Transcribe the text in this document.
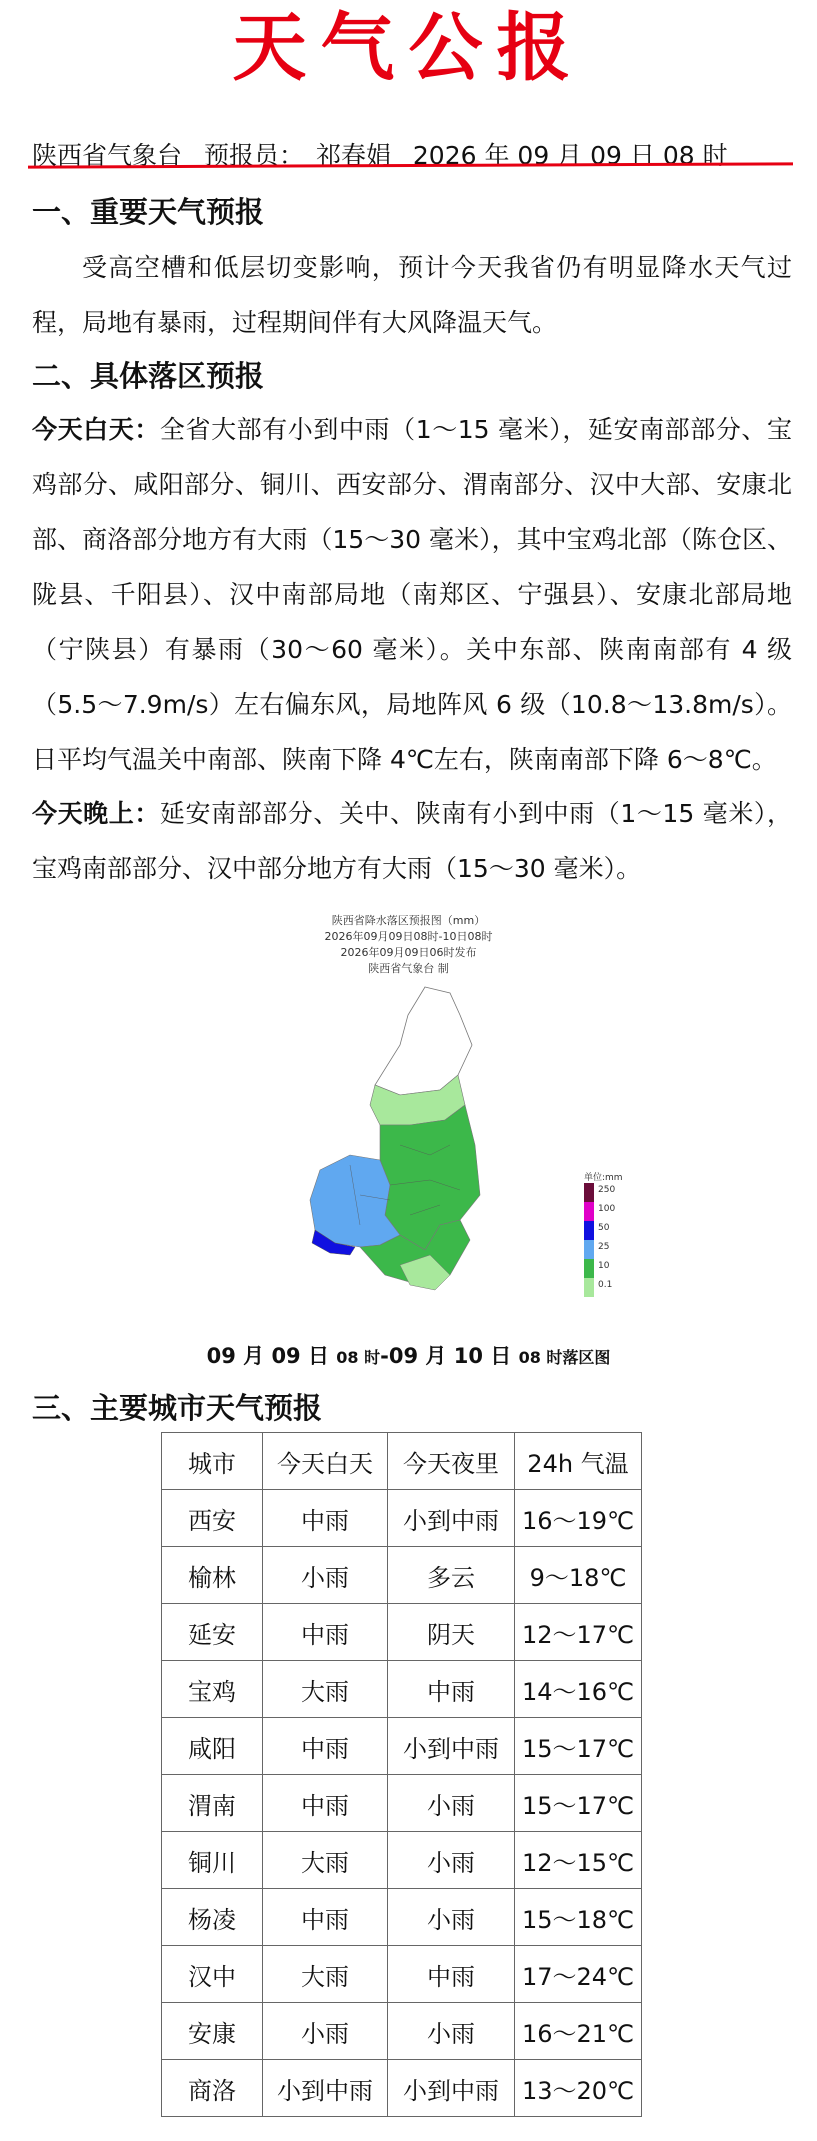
天气公报
陕西省气象台 预报员： 祁春娟 2026 年 09 月 09 日 08 时
一、重要天气预报
受高空槽和低层切变影响，预计今天我省仍有明显降水天气过程，局地有暴雨，过程期间伴有大风降温天气。
二、具体落区预报
今天白天：全省大部有小到中雨（1～15 毫米），延安南部部分、宝鸡部分、咸阳部分、铜川、西安部分、渭南部分、汉中大部、安康北部、商洛部分地方有大雨（15～30 毫米），其中宝鸡北部（陈仓区、陇县、千阳县）、汉中南部局地（南郑区、宁强县）、安康北部局地（宁陕县）有暴雨（30～60 毫米）。关中东部、陕南南部有 4 级（5.5～7.9m/s）左右偏东风，局地阵风 6 级（10.8～13.8m/s）。日平均气温关中南部、陕南下降 4℃左右，陕南南部下降 6～8℃。
今天晚上：延安南部部分、关中、陕南有小到中雨（1～15 毫米），宝鸡南部部分、汉中部分地方有大雨（15～30 毫米）。
陕西省降水落区预报图（mm）
2026年09月09日08时-10日08时
2026年09月09日06时发布
陕西省气象台 制
单位:mm
250
100
50
25
10
0.1
09 月 09 日 08 时-09 月 10 日 08 时落区图
三、主要城市天气预报
城市	今天白天	今天夜里	24h 气温
西安	中雨	小到中雨	16～19℃
榆林	小雨	多云	9～18℃
延安	中雨	阴天	12～17℃
宝鸡	大雨	中雨	14～16℃
咸阳	中雨	小到中雨	15～17℃
渭南	中雨	小雨	15～17℃
铜川	大雨	小雨	12～15℃
杨凌	中雨	小雨	15～18℃
汉中	大雨	中雨	17～24℃
安康	小雨	小雨	16～21℃
商洛	小到中雨	小到中雨	13～20℃
